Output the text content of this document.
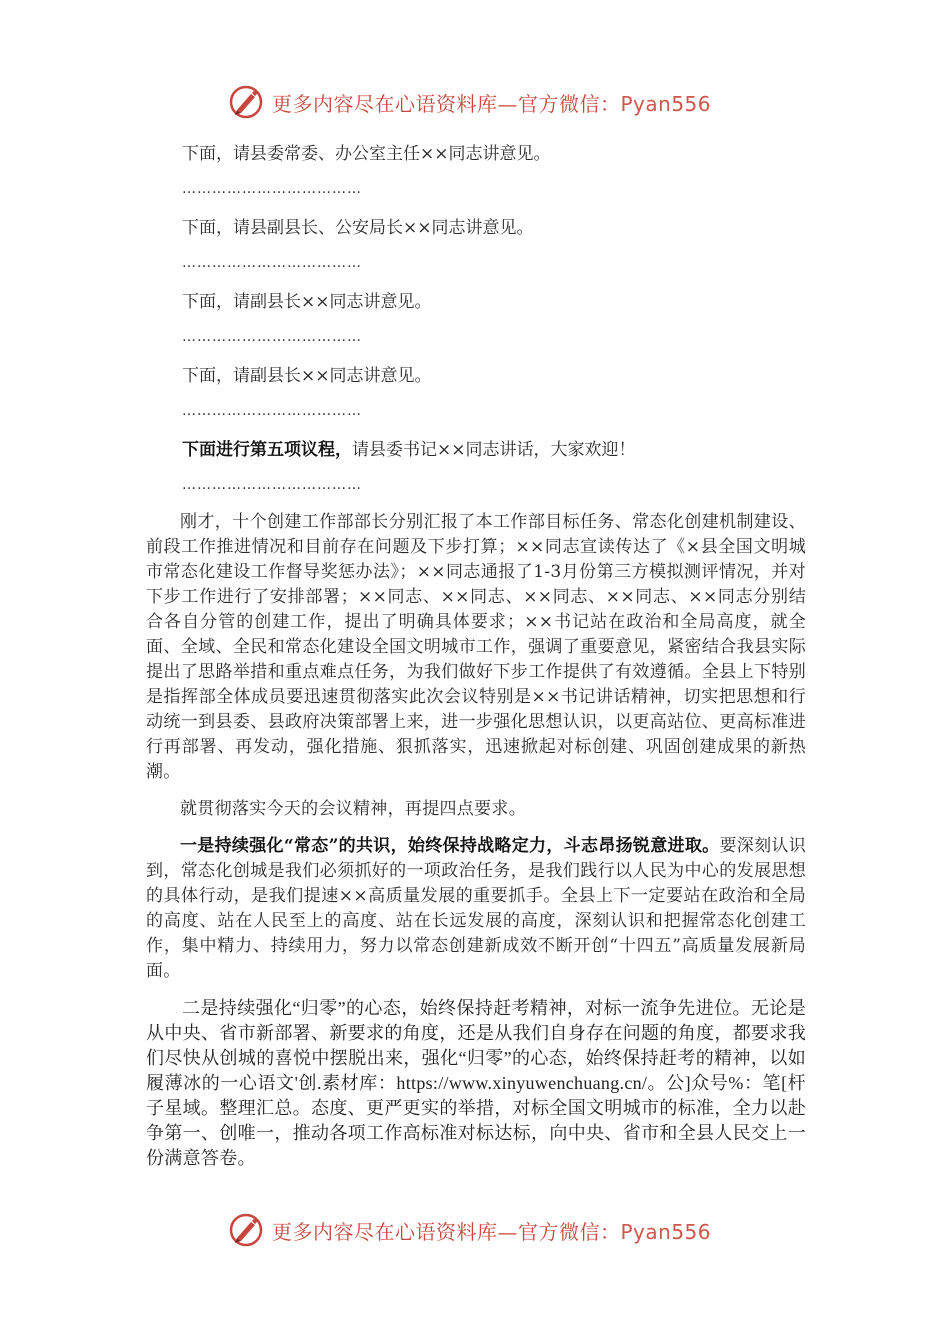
更多内容尽在心语资料库—官方微信：Pyan556

下面，请县委常委、办公室主任××同志讲意见。

………………………………

下面，请县副县长、公安局长××同志讲意见。

………………………………

下面，请副县长××同志讲意见。

………………………………

下面，请副县长××同志讲意见。

………………………………

下面进行第五项议程，请县委书记××同志讲话，大家欢迎！

………………………………

刚才，十个创建工作部部长分别汇报了本工作部目标任务、常态化创建机制建设、前段工作推进情况和目前存在问题及下步打算；××同志宣读传达了《×县全国文明城市常态化建设工作督导奖惩办法》；××同志通报了1-3月份第三方模拟测评情况，并对下步工作进行了安排部署；××同志、××同志、××同志、××同志、××同志分别结合各自分管的创建工作，提出了明确具体要求；××书记站在政治和全局高度，就全面、全域、全民和常态化建设全国文明城市工作，强调了重要意见，紧密结合我县实际提出了思路举措和重点难点任务，为我们做好下步工作提供了有效遵循。全县上下特别是指挥部全体成员要迅速贯彻落实此次会议特别是××书记讲话精神，切实把思想和行动统一到县委、县政府决策部署上来，进一步强化思想认识，以更高站位、更高标准进行再部署、再发动，强化措施、狠抓落实，迅速掀起对标创建、巩固创建成果的新热潮。

就贯彻落实今天的会议精神，再提四点要求。

一是持续强化“常态”的共识，始终保持战略定力，斗志昂扬锐意进取。要深刻认识到，常态化创城是我们必须抓好的一项政治任务，是我们践行以人民为中心的发展思想的具体行动，是我们提速××高质量发展的重要抓手。全县上下一定要站在政治和全局的高度、站在人民至上的高度、站在长远发展的高度，深刻认识和把握常态化创建工作，集中精力、持续用力，努力以常态创建新成效不断开创“十四五”高质量发展新局面。

二是持续强化“归零”的心态，始终保持赶考精神，对标一流争先进位。无论是从中央、省市新部署、新要求的角度，还是从我们自身存在问题的角度，都要求我们尽快从创城的喜悦中摆脱出来，强化“归零”的心态，始终保持赶考的精神，以如履薄冰的一心语文'创.素材库：https://www.xinyuwenchuang.cn/。公]众号%：笔[杆子星域。整理汇总。态度、更严更实的举措，对标全国文明城市的标准，全力以赴争第一、创唯一，推动各项工作高标准对标达标，向中央、省市和全县人民交上一份满意答卷。

更多内容尽在心语资料库—官方微信：Pyan556
